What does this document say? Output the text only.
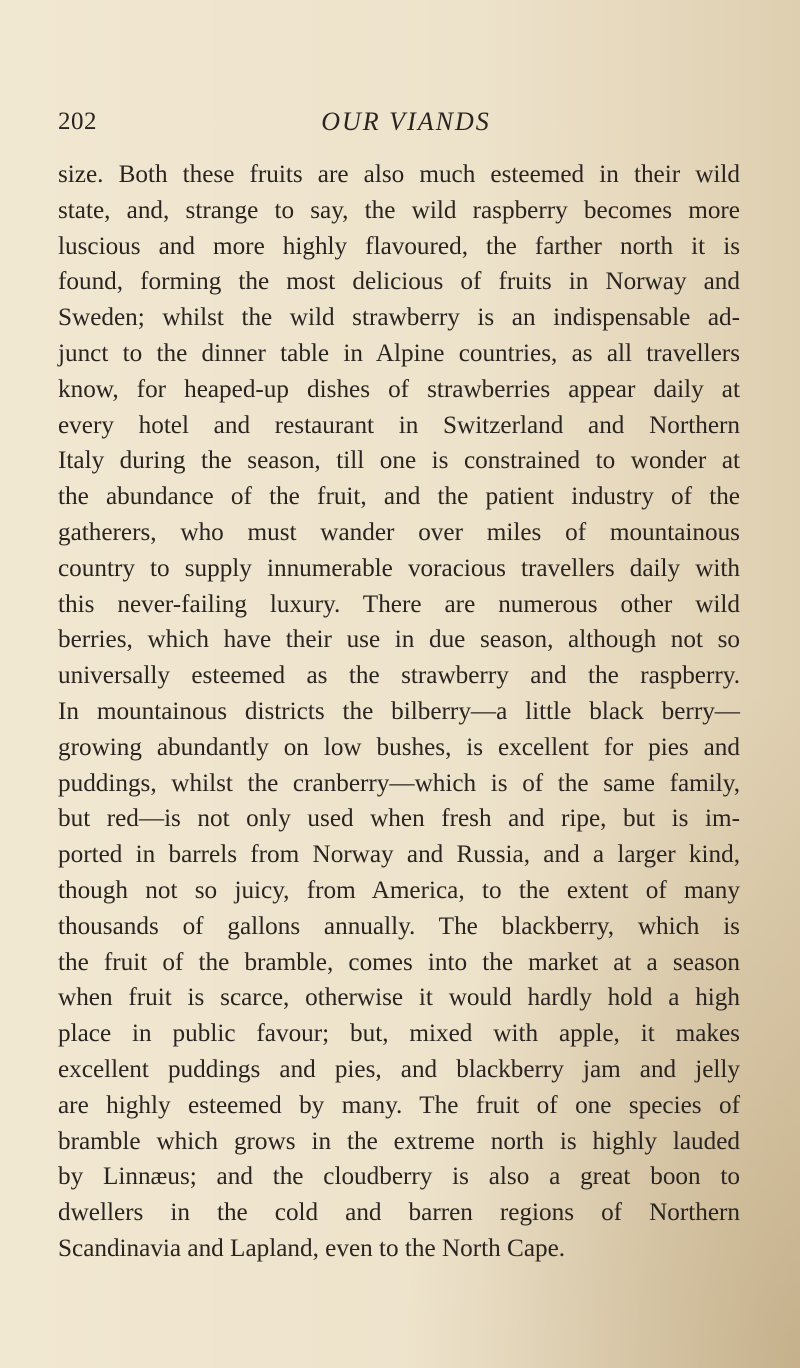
202	OUR VIANDS
size. Both these fruits are also much esteemed in their wild
state, and, strange to say, the wild raspberry becomes more
luscious and more highly flavoured, the farther north it is
found, forming the most delicious of fruits in Norway and
Sweden; whilst the wild strawberry is an indispensable ad-
junct to the dinner table in Alpine countries, as all travellers
know, for heaped-up dishes of strawberries appear daily at
every hotel and restaurant in Switzerland and Northern
Italy during the season, till one is constrained to wonder at
the abundance of the fruit, and the patient industry of the
gatherers, who must wander over miles of mountainous
country to supply innumerable voracious travellers daily with
this never-failing luxury. There are numerous other wild
berries, which have their use in due season, although not so
universally esteemed as the strawberry and the raspberry.
In mountainous districts the bilberry—a little black berry—
growing abundantly on low bushes, is excellent for pies and
puddings, whilst the cranberry—which is of the same family,
but red—is not only used when fresh and ripe, but is im-
ported in barrels from Norway and Russia, and a larger kind,
though not so juicy, from America, to the extent of many
thousands of gallons annually. The blackberry, which is
the fruit of the bramble, comes into the market at a season
when fruit is scarce, otherwise it would hardly hold a high
place in public favour; but, mixed with apple, it makes
excellent puddings and pies, and blackberry jam and jelly
are highly esteemed by many. The fruit of one species of
bramble which grows in the extreme north is highly lauded
by Linnæus; and the cloudberry is also a great boon to
dwellers in the cold and barren regions of Northern
Scandinavia and Lapland, even to the North Cape.
